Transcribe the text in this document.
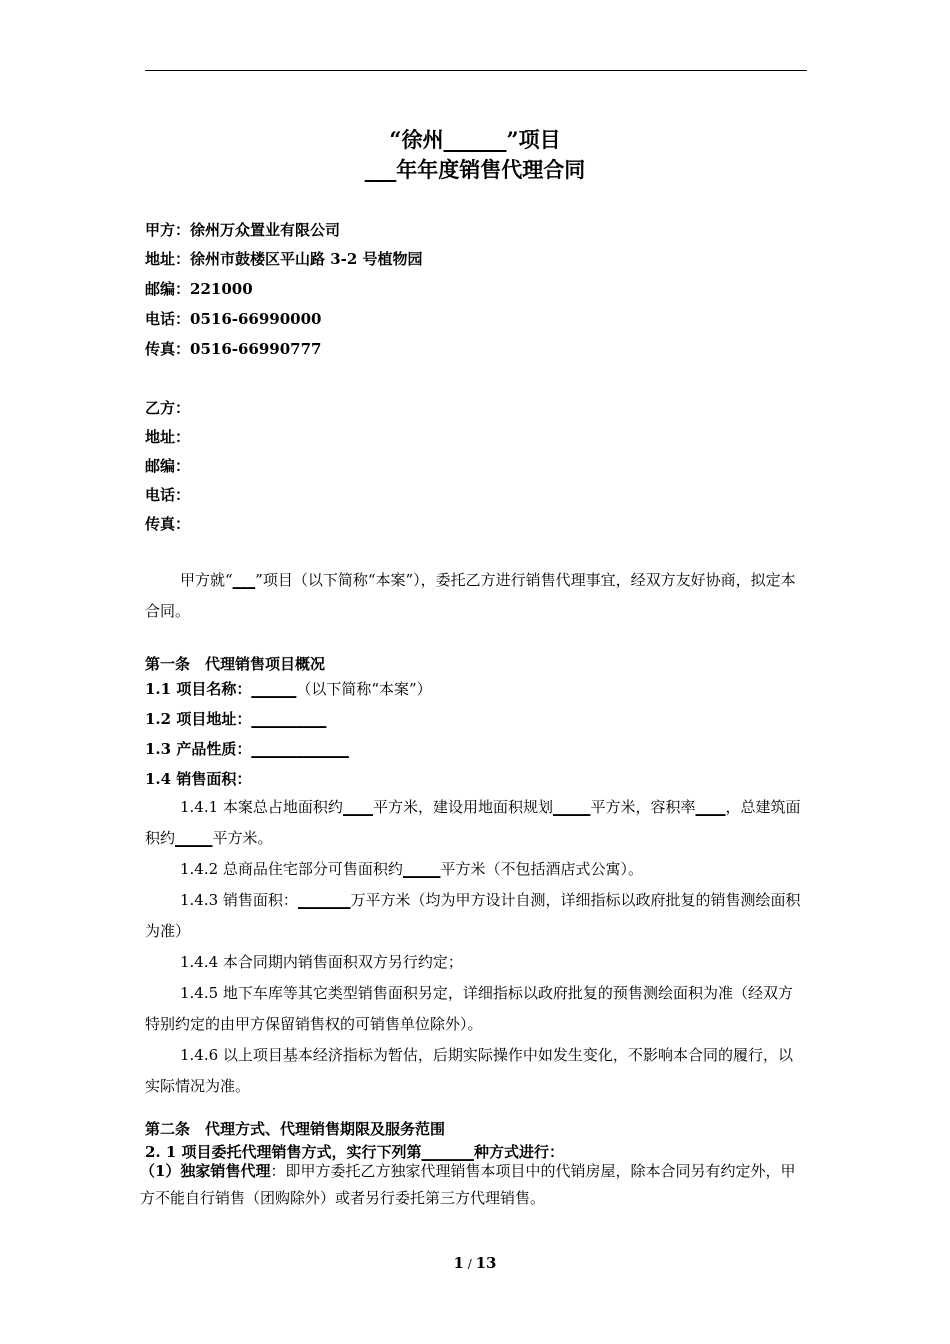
“徐州______”项目
___年年度销售代理合同
甲方：徐州万众置业有限公司
地址：徐州市鼓楼区平山路 3-2 号植物园
邮编：221000
电话：0516-66990000
传真：0516-66990777
乙方：
地址：
邮编：
电话：
传真：

甲方就“___”项目（以下简称“本案”），委托乙方进行销售代理事宜，经双方友好协商，拟定本合同。

第一条　代理销售项目概况
1.1 项目名称：______（以下简称“本案”）
1.2 项目地址：__________
1.3 产品性质：_____________
1.4 销售面积：

1.4.1 本案总占地面积约____平方米，建设用地面积规划_____平方米，容积率____，总建筑面积约_____平方米。

1.4.2 总商品住宅部分可售面积约_____平方米（不包括酒店式公寓）。

1.4.3 销售面积：_______万平方米（均为甲方设计自测，详细指标以政府批复的销售测绘面积为准）

1.4.4 本合同期内销售面积双方另行约定；

1.4.5 地下车库等其它类型销售面积另定，详细指标以政府批复的预售测绘面积为准（经双方特别约定的由甲方保留销售权的可销售单位除外）。

1.4.6 以上项目基本经济指标为暂估，后期实际操作中如发生变化，不影响本合同的履行，以实际情况为准。

第二条　代理方式、代理销售期限及服务范围
2. 1 项目委托代理销售方式，实行下列第_______种方式进行：

（1）独家销售代理：即甲方委托乙方独家代理销售本项目中的代销房屋，除本合同另有约定外，甲方不能自行销售（团购除外）或者另行委托第三方代理销售。

1 / 13
